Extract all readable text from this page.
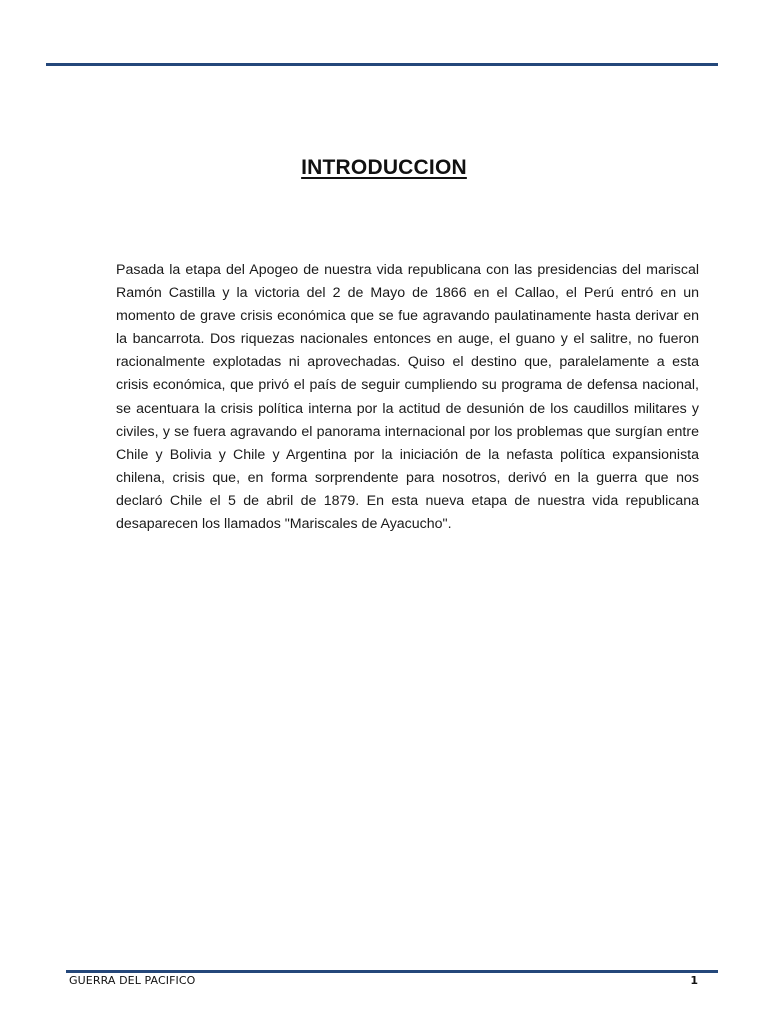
INTRODUCCION

Pasada la etapa del Apogeo de nuestra vida republicana con las presidencias del mariscal Ramón Castilla y la victoria del 2 de Mayo de 1866 en el Callao, el Perú entró en un momento de grave crisis económica que se fue agravando paulatinamente hasta derivar en la bancarrota. Dos riquezas nacionales entonces en auge, el guano y el salitre, no fueron racionalmente explotadas ni aprovechadas. Quiso el destino que, paralelamente a esta crisis económica, que privó el país de seguir cumpliendo su programa de defensa nacional, se acentuara la crisis política interna por la actitud de desunión de los caudillos militares y civiles, y se fuera agravando el panorama internacional por los problemas que surgían entre Chile y Bolivia y Chile y Argentina por la iniciación de la nefasta política expansionista chilena, crisis que, en forma sorprendente para nosotros, derivó en la guerra que nos declaró Chile el 5 de abril de 1879. En esta nueva etapa de nuestra vida republicana desaparecen los llamados "Mariscales de Ayacucho".

GUERRA DEL PACIFICO	1
